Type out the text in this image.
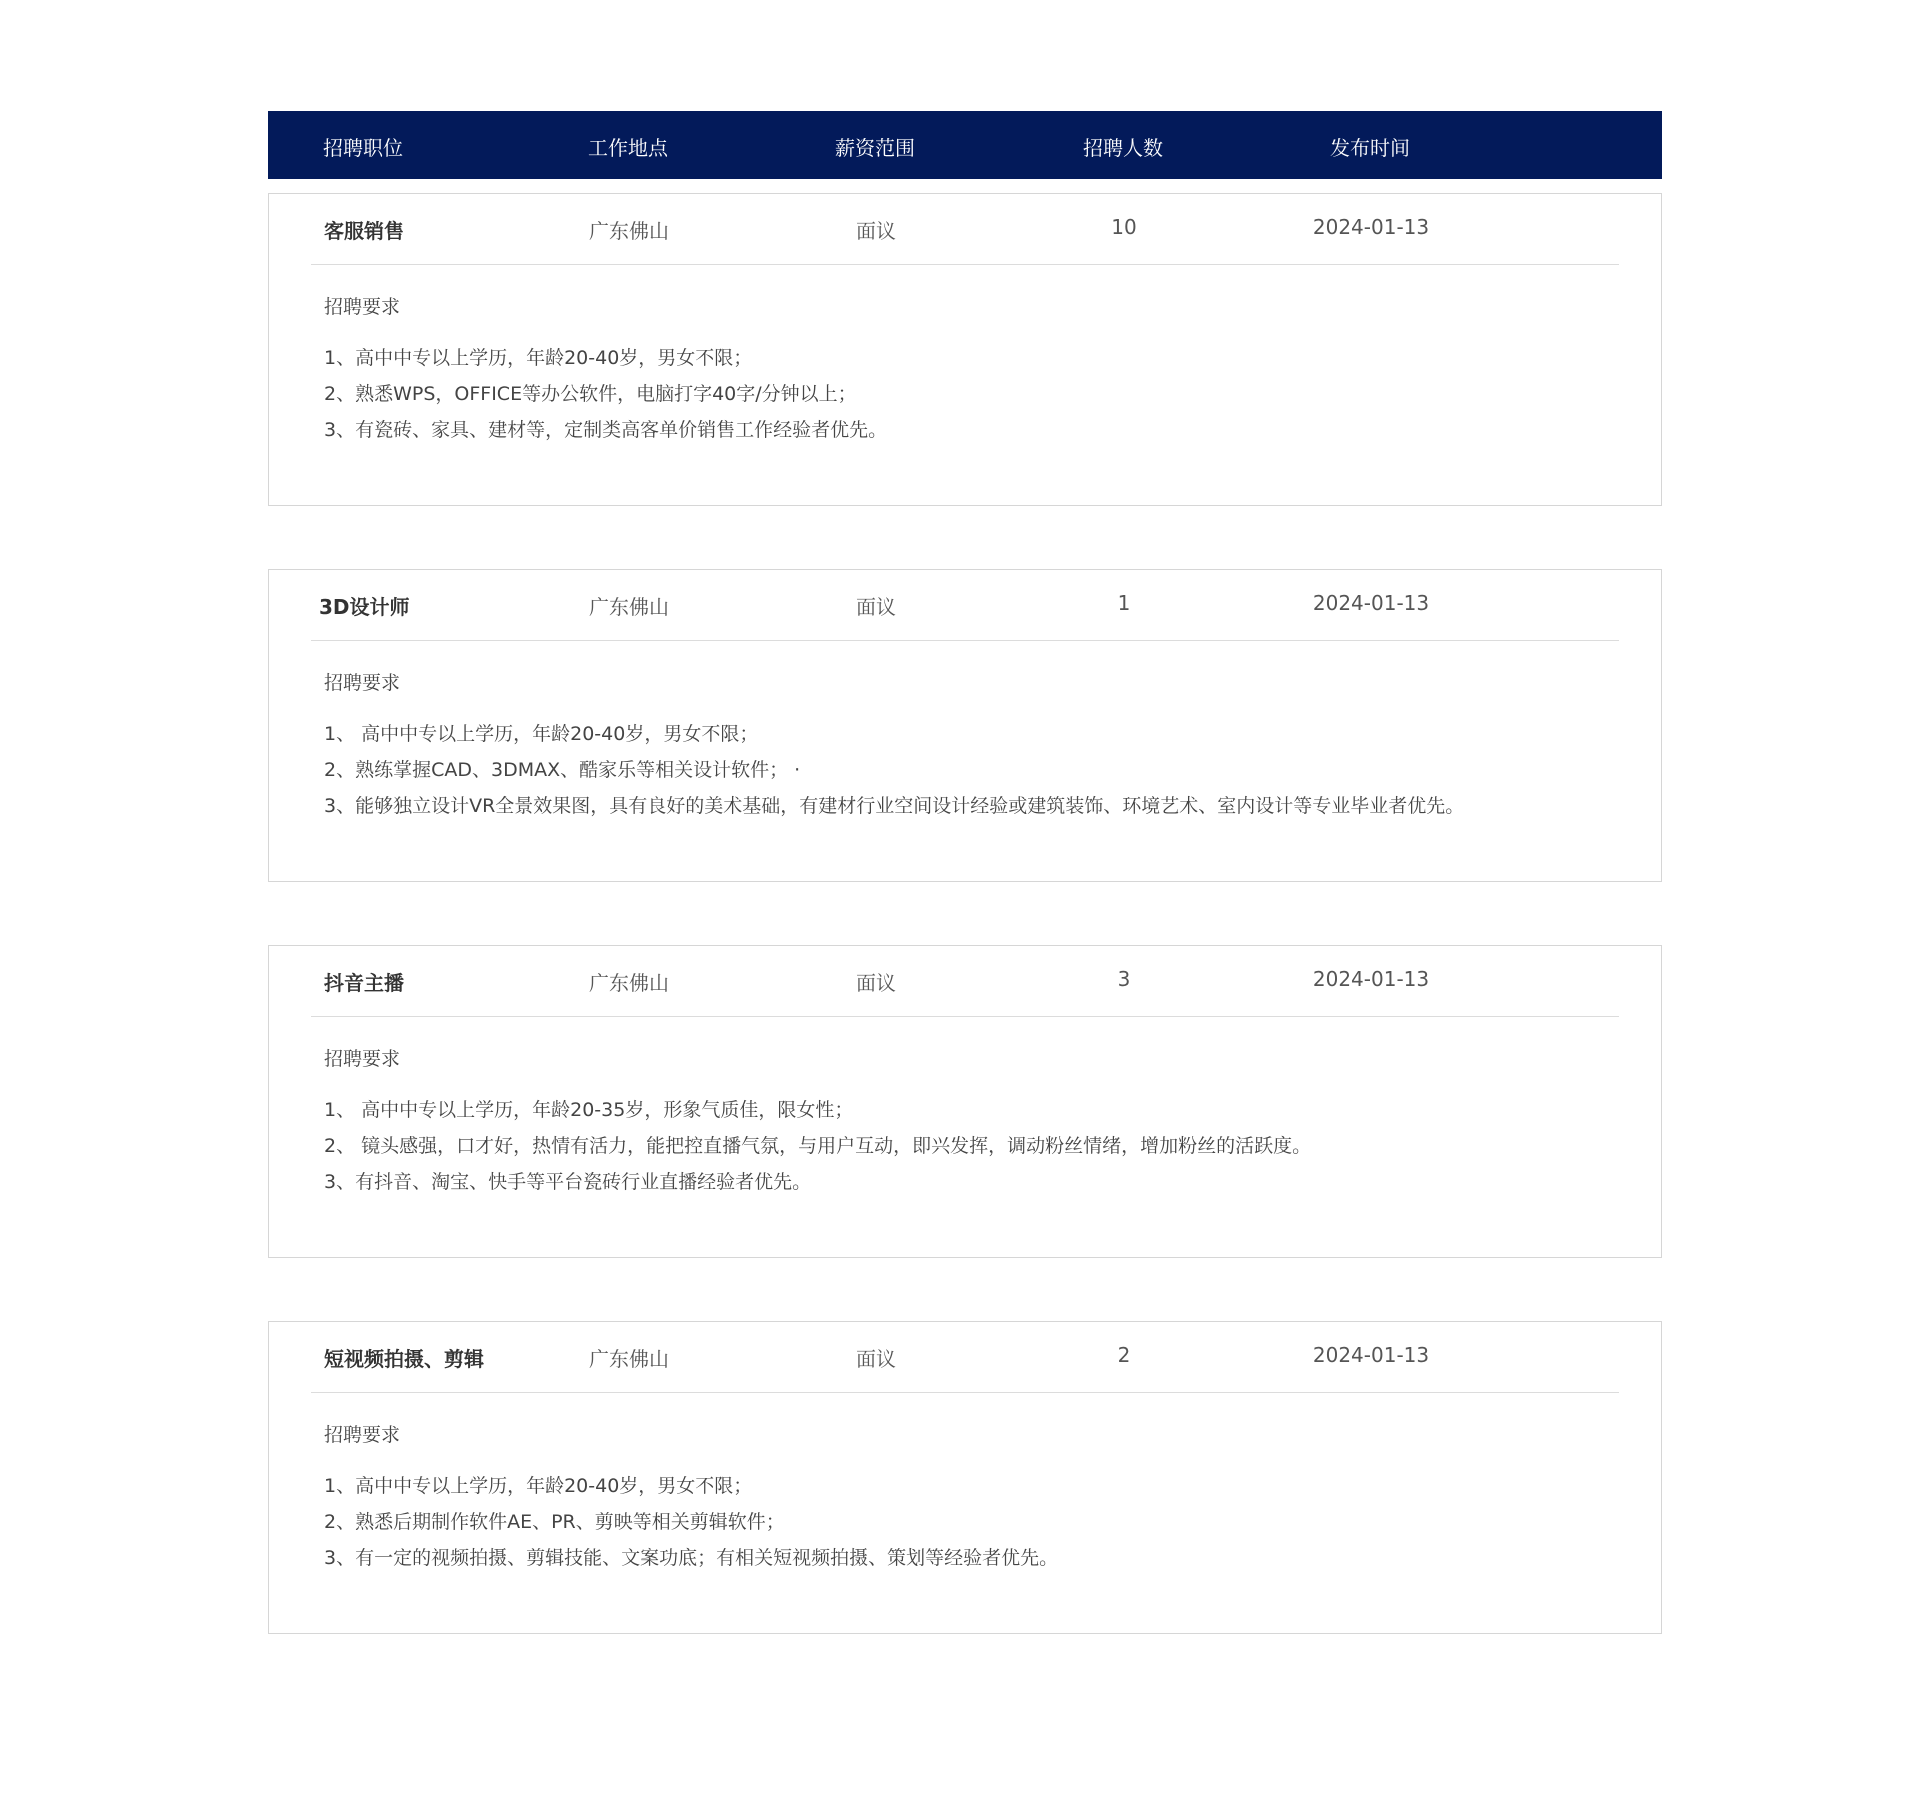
招聘职位	工作地点	薪资范围	招聘人数	发布时间
客服销售	广东佛山	面议	10	2024-01-13

招聘要求

1、高中中专以上学历，年龄20-40岁，男女不限；

2、熟悉WPS，OFFICE等办公软件，电脑打字40字/分钟以上；

3、有瓷砖、家具、建材等，定制类高客单价销售工作经验者优先。

3D设计师	广东佛山	面议	1	2024-01-13

招聘要求

1、 高中中专以上学历，年龄20-40岁，男女不限；

2、熟练掌握CAD、3DMAX、酷家乐等相关设计软件； ·

3、能够独立设计VR全景效果图，具有良好的美术基础，有建材行业空间设计经验或建筑装饰、环境艺术、室内设计等专业毕业者优先。

抖音主播	广东佛山	面议	3	2024-01-13

招聘要求

1、 高中中专以上学历，年龄20-35岁，形象气质佳，限女性；

2、 镜头感强，口才好，热情有活力，能把控直播气氛，与用户互动，即兴发挥，调动粉丝情绪，增加粉丝的活跃度。

3、有抖音、淘宝、快手等平台瓷砖行业直播经验者优先。

短视频拍摄、剪辑	广东佛山	面议	2	2024-01-13

招聘要求

1、高中中专以上学历，年龄20-40岁，男女不限；

2、熟悉后期制作软件AE、PR、剪映等相关剪辑软件；

3、有一定的视频拍摄、剪辑技能、文案功底；有相关短视频拍摄、策划等经验者优先。
